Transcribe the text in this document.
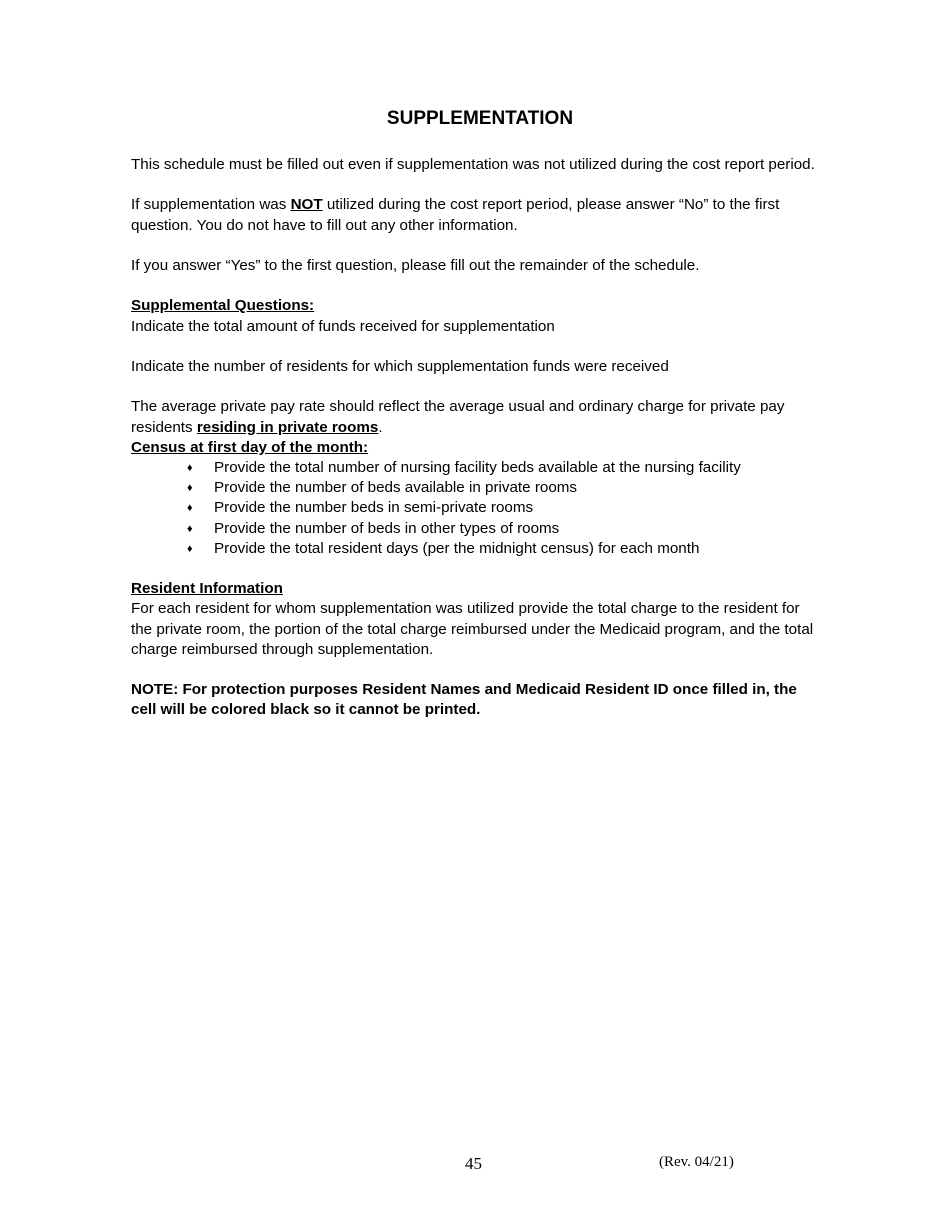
SUPPLEMENTATION

This schedule must be filled out even if supplementation was not utilized during the cost report period.

If supplementation was NOT utilized during the cost report period, please answer “No” to the first question. You do not have to fill out any other information.

If you answer “Yes” to the first question, please fill out the remainder of the schedule.

Supplemental Questions:

Indicate the total amount of funds received for supplementation

Indicate the number of residents for which supplementation funds were received

The average private pay rate should reflect the average usual and ordinary charge for private pay residents residing in private rooms.

Census at first day of the month:

♦ Provide the total number of nursing facility beds available at the nursing facility
♦ Provide the number of beds available in private rooms
♦ Provide the number beds in semi-private rooms
♦ Provide the number of beds in other types of rooms
♦ Provide the total resident days (per the midnight census) for each month

Resident Information

For each resident for whom supplementation was utilized provide the total charge to the resident for the private room, the portion of the total charge reimbursed under the Medicaid program, and the total charge reimbursed through supplementation.

NOTE: For protection purposes Resident Names and Medicaid Resident ID once filled in, the cell will be colored black so it cannot be printed.

45	(Rev. 04/21)
